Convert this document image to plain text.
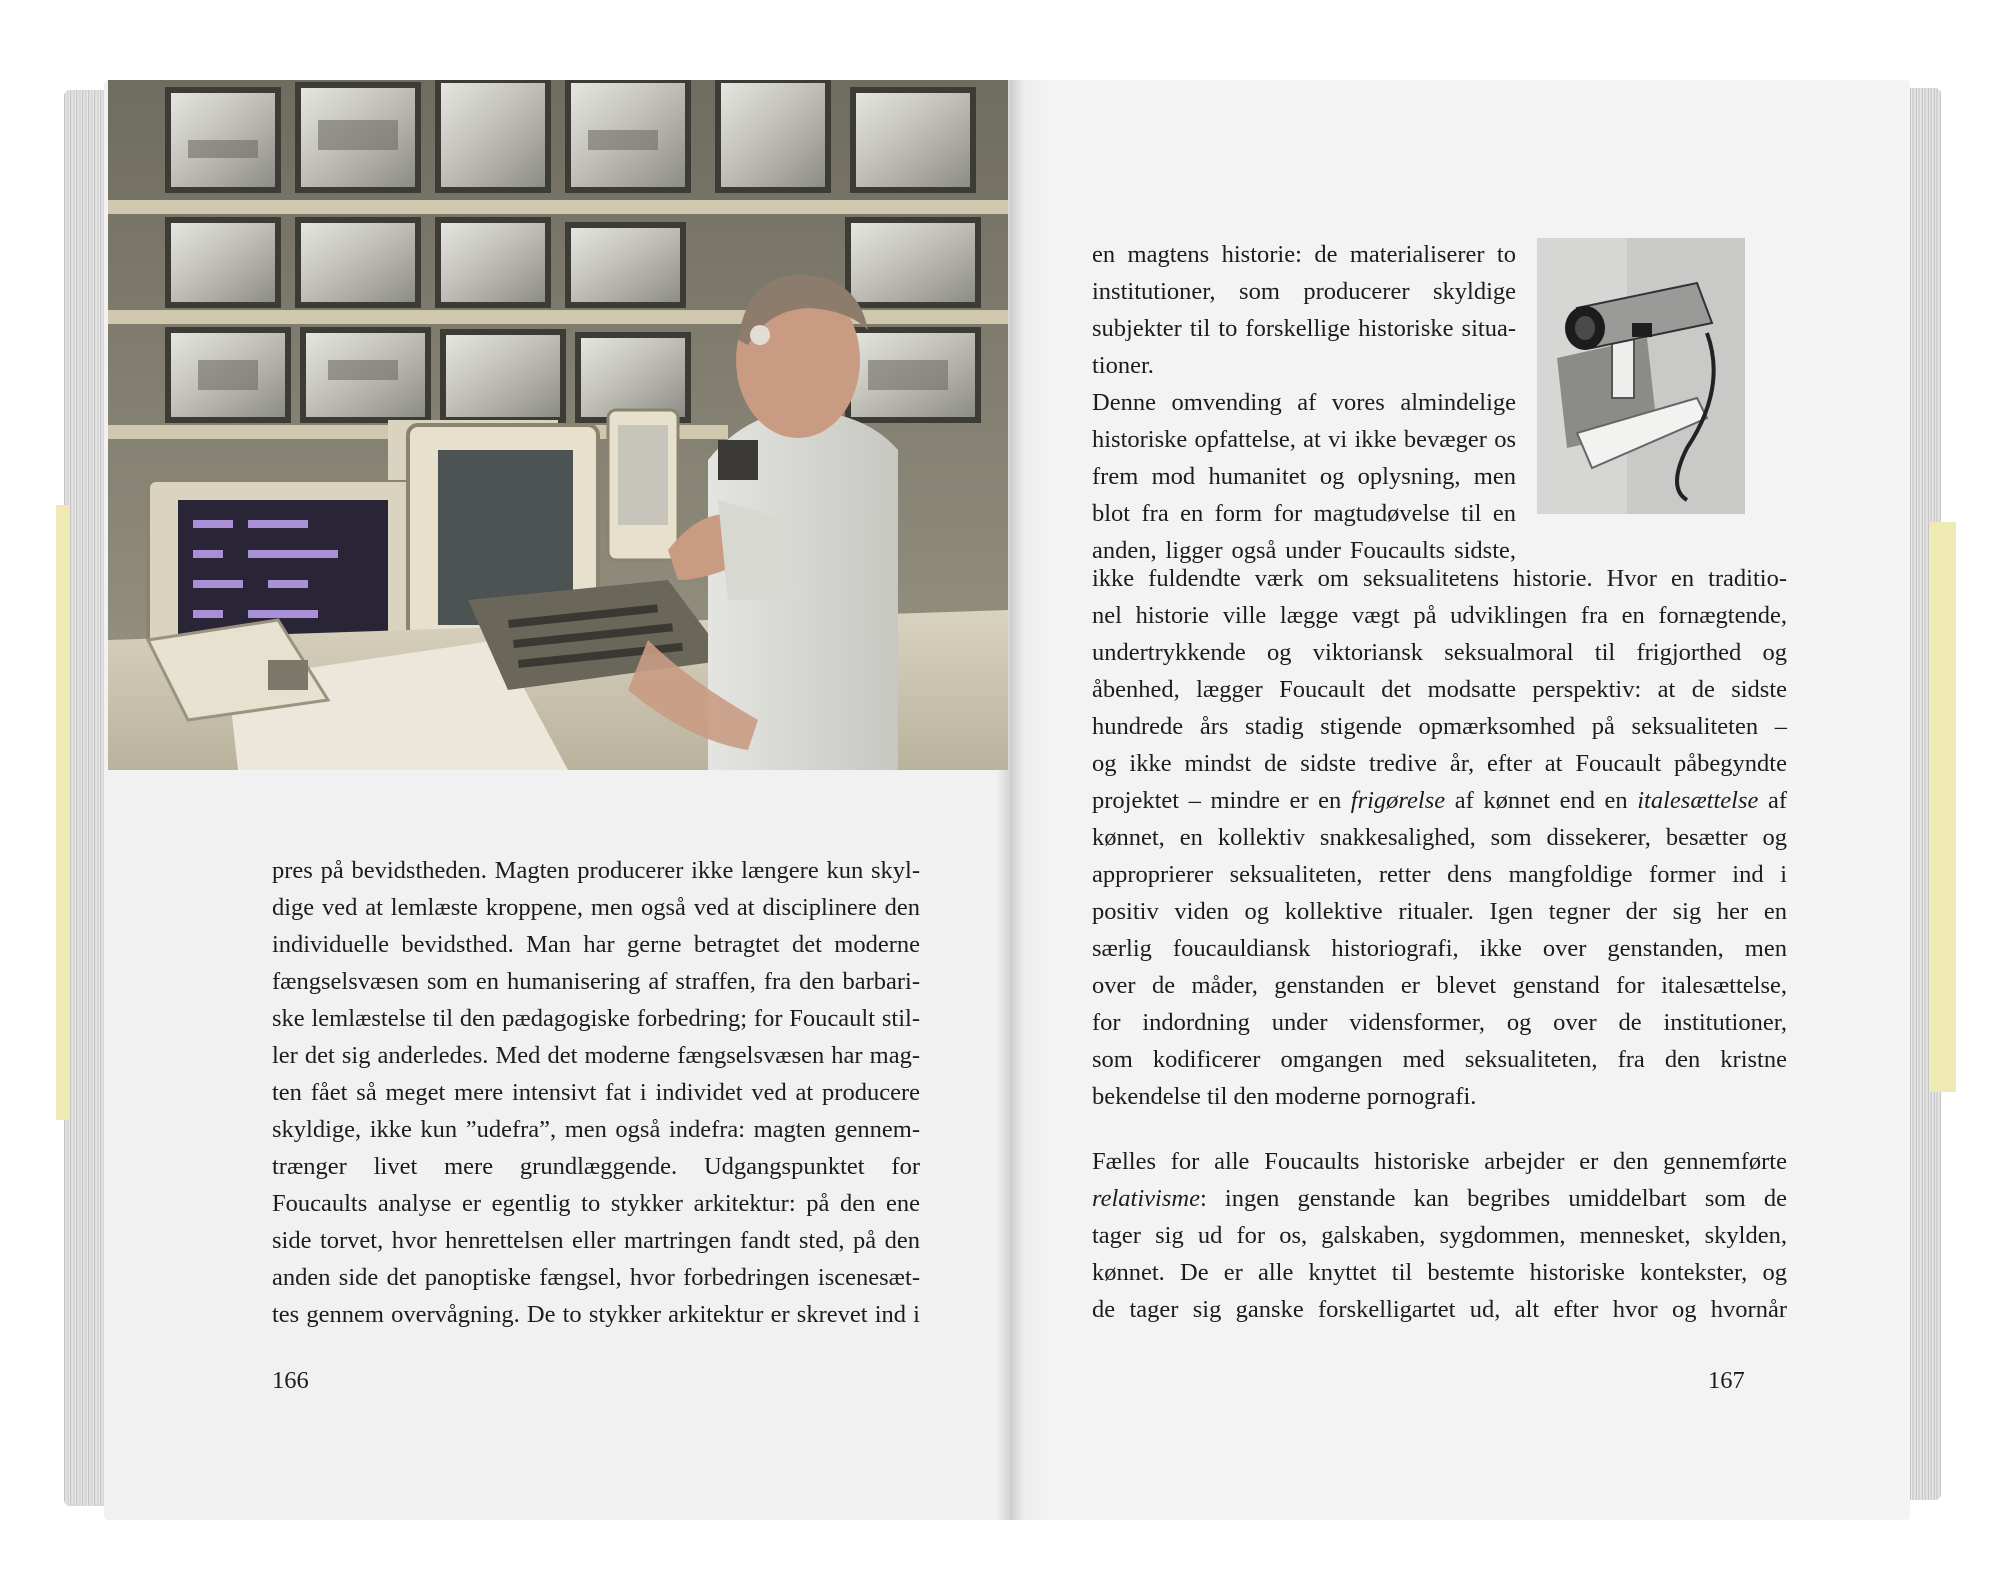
pres på bevidstheden. Magten producerer ikke længere kun skyl-
dige ved at lemlæste kroppene, men også ved at disciplinere den
individuelle bevidsthed. Man har gerne betragtet det moderne
fængselsvæsen som en humanisering af straffen, fra den barbari-
ske lemlæstelse til den pædagogiske forbedring; for Foucault stil-
ler det sig anderledes. Med det moderne fængselsvæsen har mag-
ten fået så meget mere intensivt fat i individet ved at producere
skyldige, ikke kun ”udefra”, men også indefra: magten gennem-
trænger livet mere grundlæggende. Udgangspunktet for
Foucaults analyse er egentlig to stykker arkitektur: på den ene
side torvet, hvor henrettelsen eller martringen fandt sted, på den
anden side det panoptiske fængsel, hvor forbedringen iscenesæt-
tes gennem overvågning. De to stykker arkitektur er skrevet ind i
166
en magtens historie: de materialiserer to
institutioner, som producerer skyldige
subjekter til to forskellige historiske situa-
tioner.
Denne omvending af vores almindelige
historiske opfattelse, at vi ikke bevæger os
frem mod humanitet og oplysning, men
blot fra en form for magtudøvelse til en
anden, ligger også under Foucaults sidste,
ikke fuldendte værk om seksualitetens historie. Hvor en traditio-
nel historie ville lægge vægt på udviklingen fra en fornægtende,
undertrykkende og viktoriansk seksualmoral til frigjorthed og
åbenhed, lægger Foucault det modsatte perspektiv: at de sidste
hundrede års stadig stigende opmærksomhed på seksualiteten –
og ikke mindst de sidste tredive år, efter at Foucault påbegyndte
projektet – mindre er en frigørelse af kønnet end en italesættelse af
kønnet, en kollektiv snakkesalighed, som dissekerer, besætter og
approprierer seksualiteten, retter dens mangfoldige former ind i
positiv viden og kollektive ritualer. Igen tegner der sig her en
særlig foucauldiansk historiografi, ikke over genstanden, men
over de måder, genstanden er blevet genstand for italesættelse,
for indordning under vidensformer, og over de institutioner,
som kodificerer omgangen med seksualiteten, fra den kristne
bekendelse til den moderne pornografi.
Fælles for alle Foucaults historiske arbejder er den gennemførte
relativisme: ingen genstande kan begribes umiddelbart som de
tager sig ud for os, galskaben, sygdommen, mennesket, skylden,
kønnet. De er alle knyttet til bestemte historiske kontekster, og
de tager sig ganske forskelligartet ud, alt efter hvor og hvornår
167
